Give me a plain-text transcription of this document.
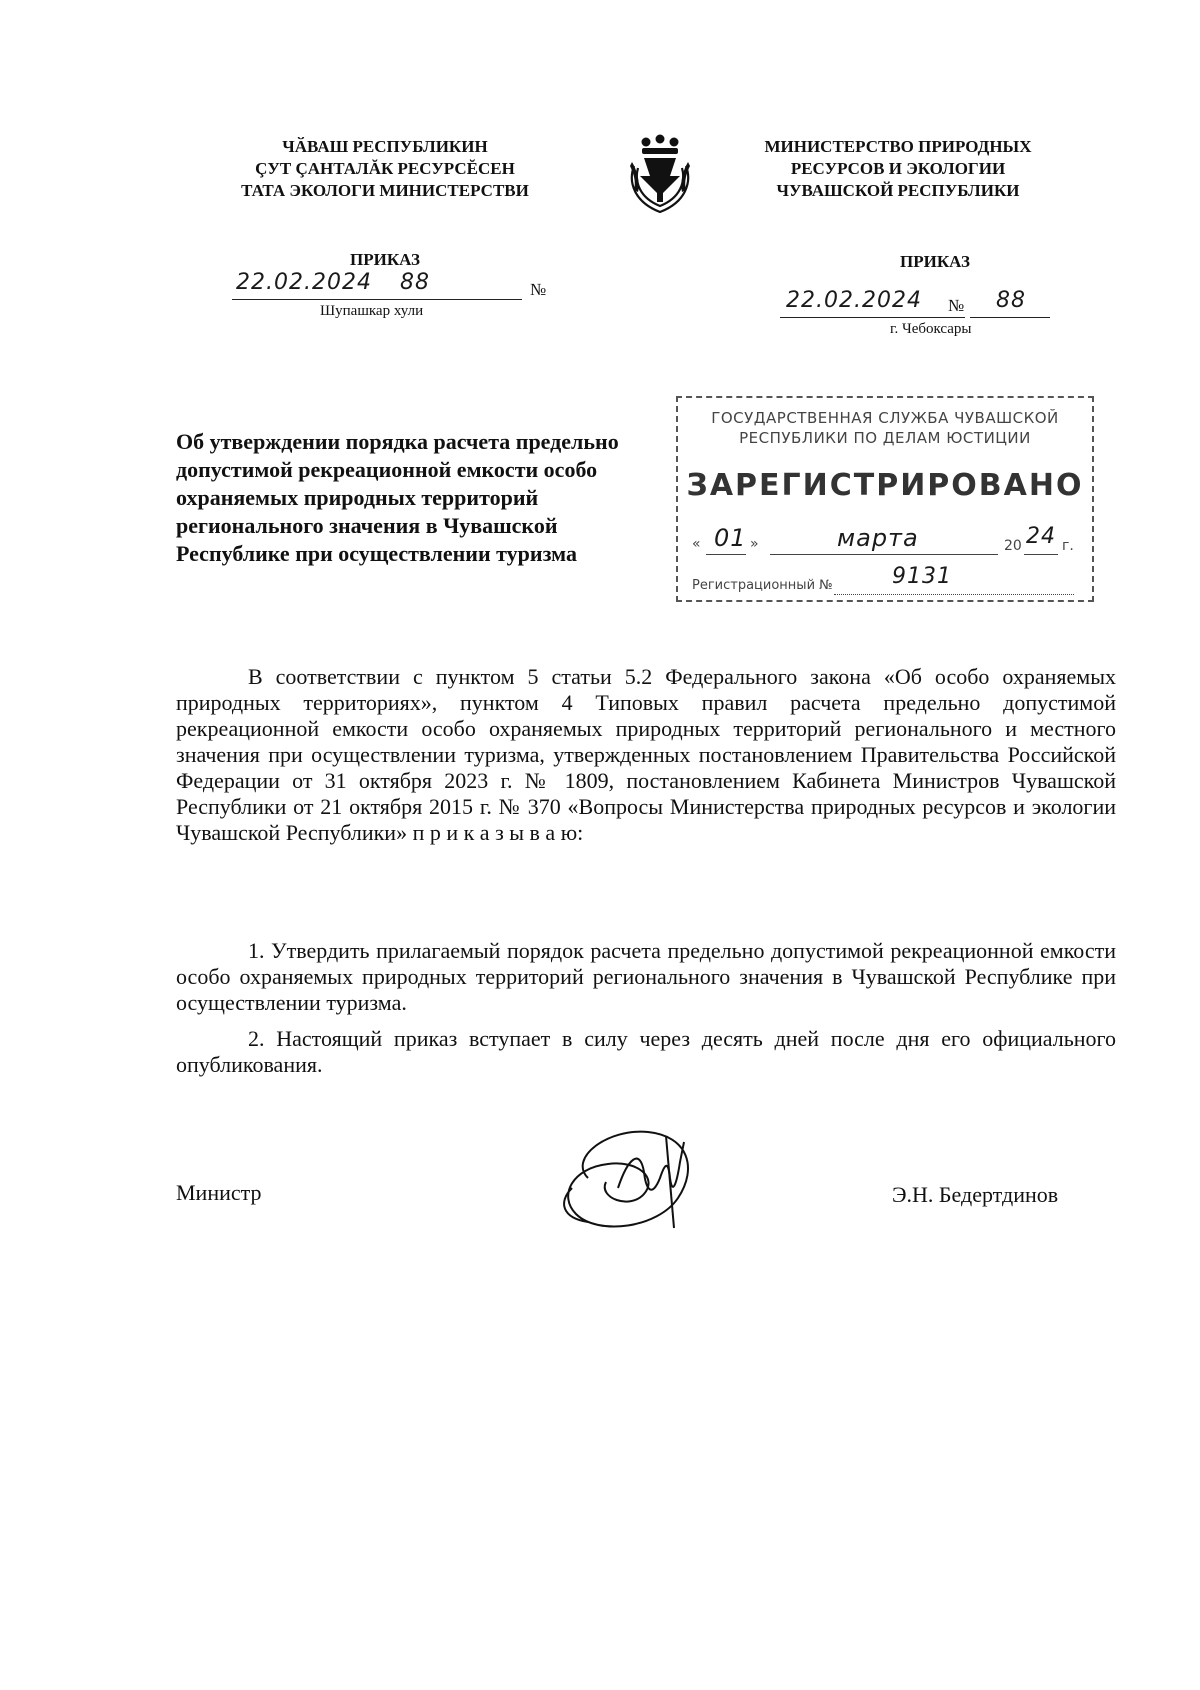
ЧӐВАШ РЕСПУБЛИКИН
ÇУТ ÇАНТАЛĂК РЕСУРСĔСЕН
ТАТА ЭКОЛОГИ МИНИСТЕРСТВИ
МИНИСТЕРСТВО ПРИРОДНЫХ
РЕСУРСОВ И ЭКОЛОГИИ
ЧУВАШСКОЙ РЕСПУБЛИКИ
ПРИКАЗ
22.02.2024 88	№
Шупашкар хули
ПРИКАЗ
22.02.2024 № 88
г. Чебоксары
Об утверждении порядка расчета предельно допустимой рекреационной емкости особо охраняемых природных территорий регионального значения в Чувашской Республике при осуществлении туризма
ГОСУДАРСТВЕННАЯ СЛУЖБА ЧУВАШСКОЙ
РЕСПУБЛИКИ ПО ДЕЛАМ ЮСТИЦИИ
ЗАРЕГИСТРИРОВАНО
« 01 »	марта	20 24 г.
Регистрационный №	9131
В соответствии с пунктом 5 статьи 5.2 Федерального закона «Об особо охраняемых природных территориях», пунктом 4 Типовых правил расчета предельно допустимой рекреационной емкости особо охраняемых природных территорий регионального и местного значения при осуществлении туризма, утвержденных постановлением Правительства Российской Федерации от 31 октября 2023 г. № 1809, постановлением Кабинета Министров Чувашской Республики от 21 октября 2015 г. № 370 «Вопросы Министерства природных ресурсов и экологии Чувашской Республики» п р и к а з ы в а ю:
1. Утвердить прилагаемый порядок расчета предельно допустимой рекреационной емкости особо охраняемых природных территорий регионального значения в Чувашской Республике при осуществлении туризма.
2. Настоящий приказ вступает в силу через десять дней после дня его официального опубликования.
Министр	Э.Н. Бедертдинов
